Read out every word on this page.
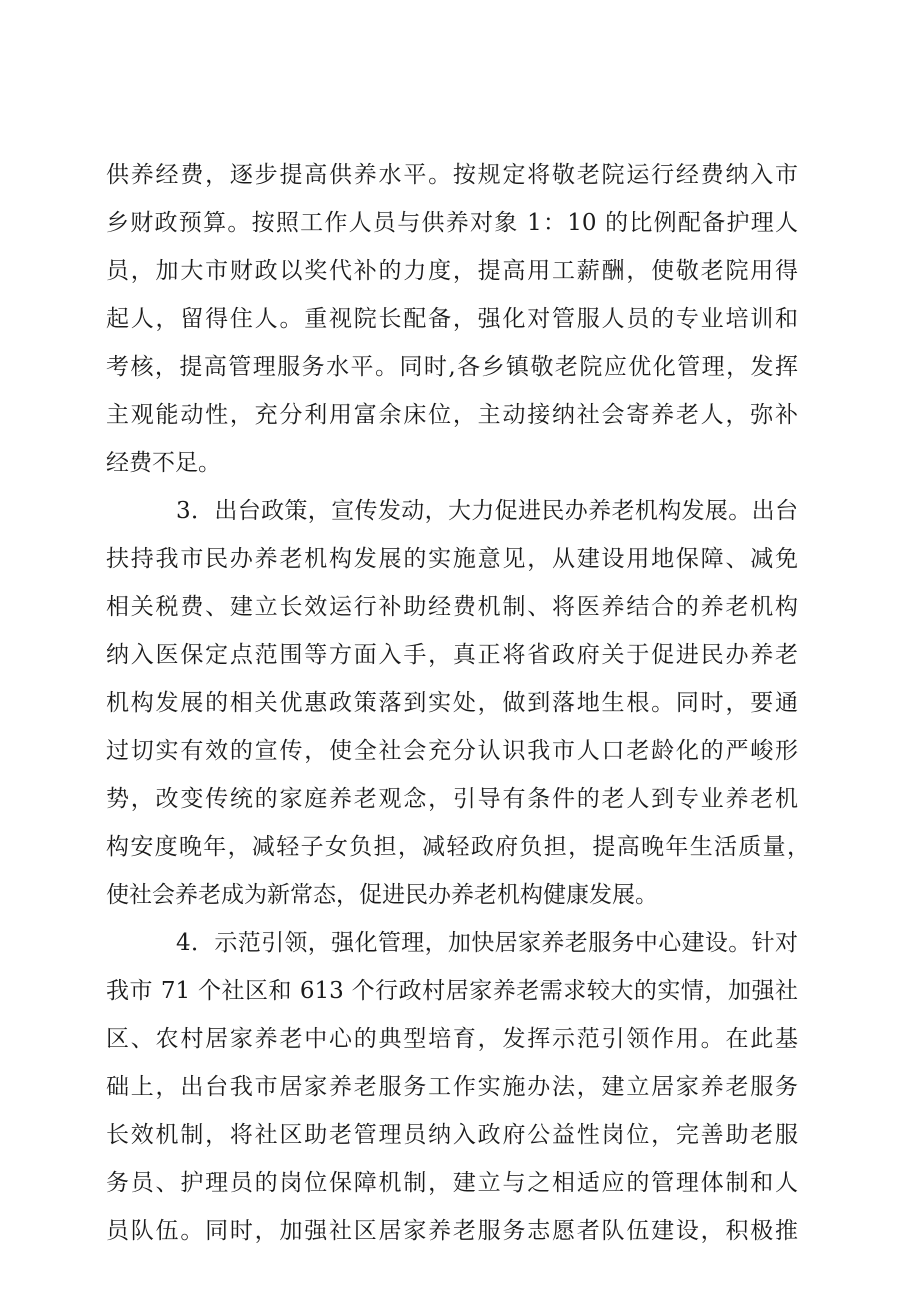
供养经费，逐步提高供养水平。按规定将敬老院运行经费纳入市
乡财政预算。按照工作人员与供养对象 1：10 的比例配备护理人
员，加大市财政以奖代补的力度，提高用工薪酬，使敬老院用得
起人，留得住人。重视院长配备，强化对管服人员的专业培训和
考核，提高管理服务水平。同时,各乡镇敬老院应优化管理，发挥
主观能动性，充分利用富余床位，主动接纳社会寄养老人，弥补
经费不足。
3．出台政策，宣传发动，大力促进民办养老机构发展。出台
扶持我市民办养老机构发展的实施意见，从建设用地保障、减免
相关税费、建立长效运行补助经费机制、将医养结合的养老机构
纳入医保定点范围等方面入手，真正将省政府关于促进民办养老
机构发展的相关优惠政策落到实处，做到落地生根。同时，要通
过切实有效的宣传，使全社会充分认识我市人口老龄化的严峻形
势，改变传统的家庭养老观念，引导有条件的老人到专业养老机
构安度晚年，减轻子女负担，减轻政府负担，提高晚年生活质量，
使社会养老成为新常态，促进民办养老机构健康发展。
4．示范引领，强化管理，加快居家养老服务中心建设。针对
我市 71 个社区和 613 个行政村居家养老需求较大的实情，加强社
区、农村居家养老中心的典型培育，发挥示范引领作用。在此基
础上，出台我市居家养老服务工作实施办法，建立居家养老服务
长效机制，将社区助老管理员纳入政府公益性岗位，完善助老服
务员、护理员的岗位保障机制，建立与之相适应的管理体制和人
员队伍。同时，加强社区居家养老服务志愿者队伍建设，积极推
